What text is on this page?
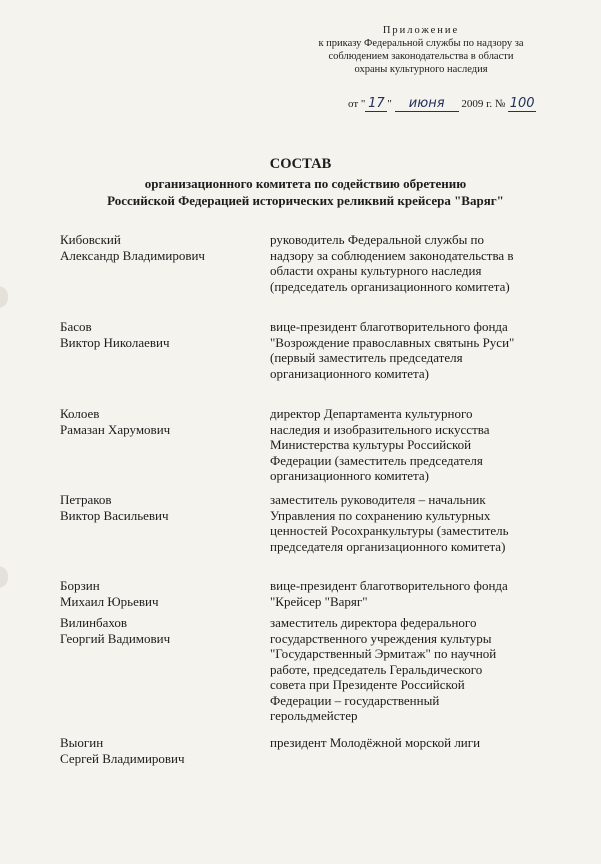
Приложение
к приказу Федеральной службы по надзору за
соблюдением законодательства в области
охраны культурного наследия
от " 17 " июня 2009 г. № 100
СОСТАВ
организационного комитета по содействию обретению
Российской Федерацией исторических реликвий крейсера "Варяг"
Кибовский
Александр Владимирович
руководитель Федеральной службы по надзору за соблюдением законодательства в области охраны культурного наследия (председатель организационного комитета)
Басов
Виктор Николаевич
вице-президент благотворительного фонда "Возрождение православных святынь Руси" (первый заместитель председателя организационного комитета)
Колоев
Рамазан Харумович
директор Департамента культурного наследия и изобразительного искусства Министерства культуры Российской Федерации (заместитель председателя организационного комитета)
Петраков
Виктор Васильевич
заместитель руководителя – начальник Управления по сохранению культурных ценностей Росохранкультуры (заместитель председателя организационного комитета)
Борзин
Михаил Юрьевич
вице-президент благотворительного фонда "Крейсер "Варяг"
Вилинбахов
Георгий Вадимович
заместитель директора федерального государственного учреждения культуры "Государственный Эрмитаж" по научной работе, председатель Геральдического совета при Президенте Российской Федерации – государственный герольдмейстер
Выогин
Сергей Владимирович
президент Молодёжной морской лиги
